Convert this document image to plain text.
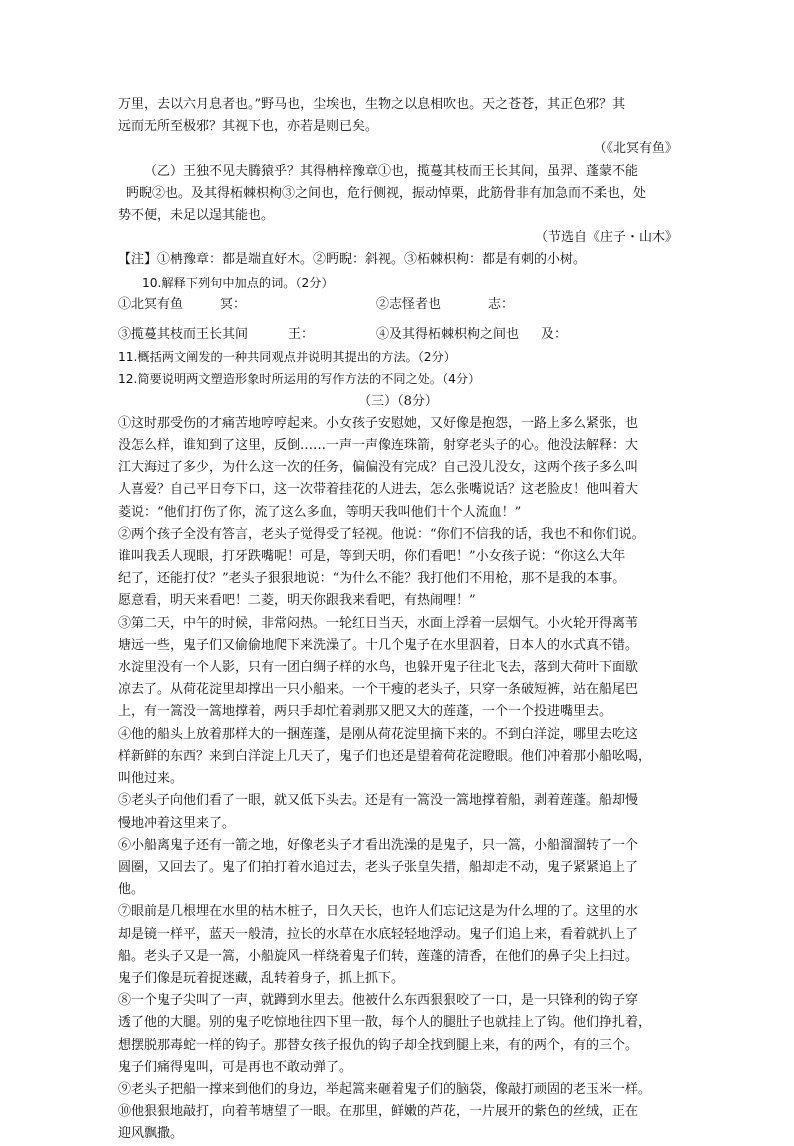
万里，去以六月息者也。”野马也，尘埃也，生物之以息相吹也。天之苍苍，其正色邪？其

远而无所至极邪？其视下也，亦若是则已矣。

（《北冥有鱼》

（乙）王独不见夫腾猿乎？其得柟梓豫章①也，揽蔓其枝而王长其间，虽羿、蓬蒙不能

眄睨②也。及其得柘棘枳枸③之间也，危行侧视，振动悼栗，此筋骨非有加急而不柔也，处

势不便，未足以逞其能也。

（节选自《庄子・山木》

【注】①柟豫章：都是端直好木。②眄睨：斜视。③柘棘枳枸：都是有刺的小树。

10.解释下列句中加点的词。（2分）

①北冥有鱼	冥：	②志怪者也	志：
③揽蔓其枝而王长其间	王：	④及其得柘棘枳枸之间也	及：

11.概括两文阐发的一种共同观点并说明其提出的方法。（2分）

12.简要说明两文塑造形象时所运用的写作方法的不同之处。（4分）

（三）（8分）

①这时那受伤的才痛苦地哼哼起来。小女孩子安慰她，又好像是抱怨，一路上多么紧张，也

没怎么样，谁知到了这里，反倒……一声一声像连珠箭，射穿老头子的心。他没法解释：大

江大海过了多少，为什么这一次的任务，偏偏没有完成？自己没儿没女，这两个孩子多么叫

人喜爱？自己平日夸下口，这一次带着挂花的人进去，怎么张嘴说话？这老脸皮！他叫着大

菱说：“他们打伤了你，流了这么多血，等明天我叫他们十个人流血！”

②两个孩子全没有答言，老头子觉得受了轻视。他说：“你们不信我的话，我也不和你们说。

谁叫我丢人现眼，打牙跌嘴呢！可是，等到天明，你们看吧！”小女孩子说：“你这么大年

纪了，还能打仗？”老头子狠狠地说：“为什么不能？我打他们不用枪，那不是我的本事。

愿意看，明天来看吧！二菱，明天你跟我来看吧，有热闹哩！”

③第二天，中午的时候，非常闷热。一轮红日当天，水面上浮着一层烟气。小火轮开得离苇

塘远一些，鬼子们又偷偷地爬下来洗澡了。十几个鬼子在水里泅着，日本人的水式真不错。

水淀里没有一个人影，只有一团白绸子样的水鸟，也躲开鬼子往北飞去，落到大荷叶下面歇

凉去了。从荷花淀里却撑出一只小船来。一个干瘦的老头子，只穿一条破短裤，站在船尾巴

上，有一篙没一篙地撑着，两只手却忙着剥那又肥又大的莲蓬，一个一个投进嘴里去。

④他的船头上放着那样大的一捆莲蓬，是刚从荷花淀里摘下来的。不到白洋淀，哪里去吃这

样新鲜的东西？来到白洋淀上几天了，鬼子们也还是望着荷花淀瞪眼。他们冲着那小船吆喝，

叫他过来。

⑤老头子向他们看了一眼，就又低下头去。还是有一篙没一篙地撑着船，剥着莲蓬。船却慢

慢地冲着这里来了。

⑥小船离鬼子还有一箭之地，好像老头子才看出洗澡的是鬼子，只一篙，小船溜溜转了一个

圆圈，又回去了。鬼了们拍打着水追过去，老头子张皇失措，船却走不动，鬼子紧紧追上了

他。

⑦眼前是几根埋在水里的枯木桩子，日久天长，也许人们忘记这是为什么埋的了。这里的水

却是镜一样平，蓝天一般清，拉长的水草在水底轻轻地浮动。鬼子们追上来，看着就扒上了

船。老头子又是一篙，小船旋风一样绕着鬼子们转，莲蓬的清香，在他们的鼻子尖上扫过。

鬼子们像是玩着捉迷藏，乱转着身子，抓上抓下。

⑧一个鬼子尖叫了一声，就蹲到水里去。他被什么东西狠狠咬了一口，是一只锋利的钩子穿

透了他的大腿。别的鬼子吃惊地往四下里一散，每个人的腿肚子也就挂上了钩。他们挣扎着，

想摆脱那毒蛇一样的钩子。那替女孩子报仇的钩子却全找到腿上来，有的两个，有的三个。

鬼子们痛得鬼叫，可是再也不敢动弹了。

⑨老头子把船一撑来到他们的身边，举起篙来砸着鬼子们的脑袋，像敲打顽固的老玉米一样。

⑩他狠狠地敲打，向着苇塘望了一眼。在那里，鲜嫩的芦花，一片展开的紫色的丝绒，正在

迎风飘撒。
